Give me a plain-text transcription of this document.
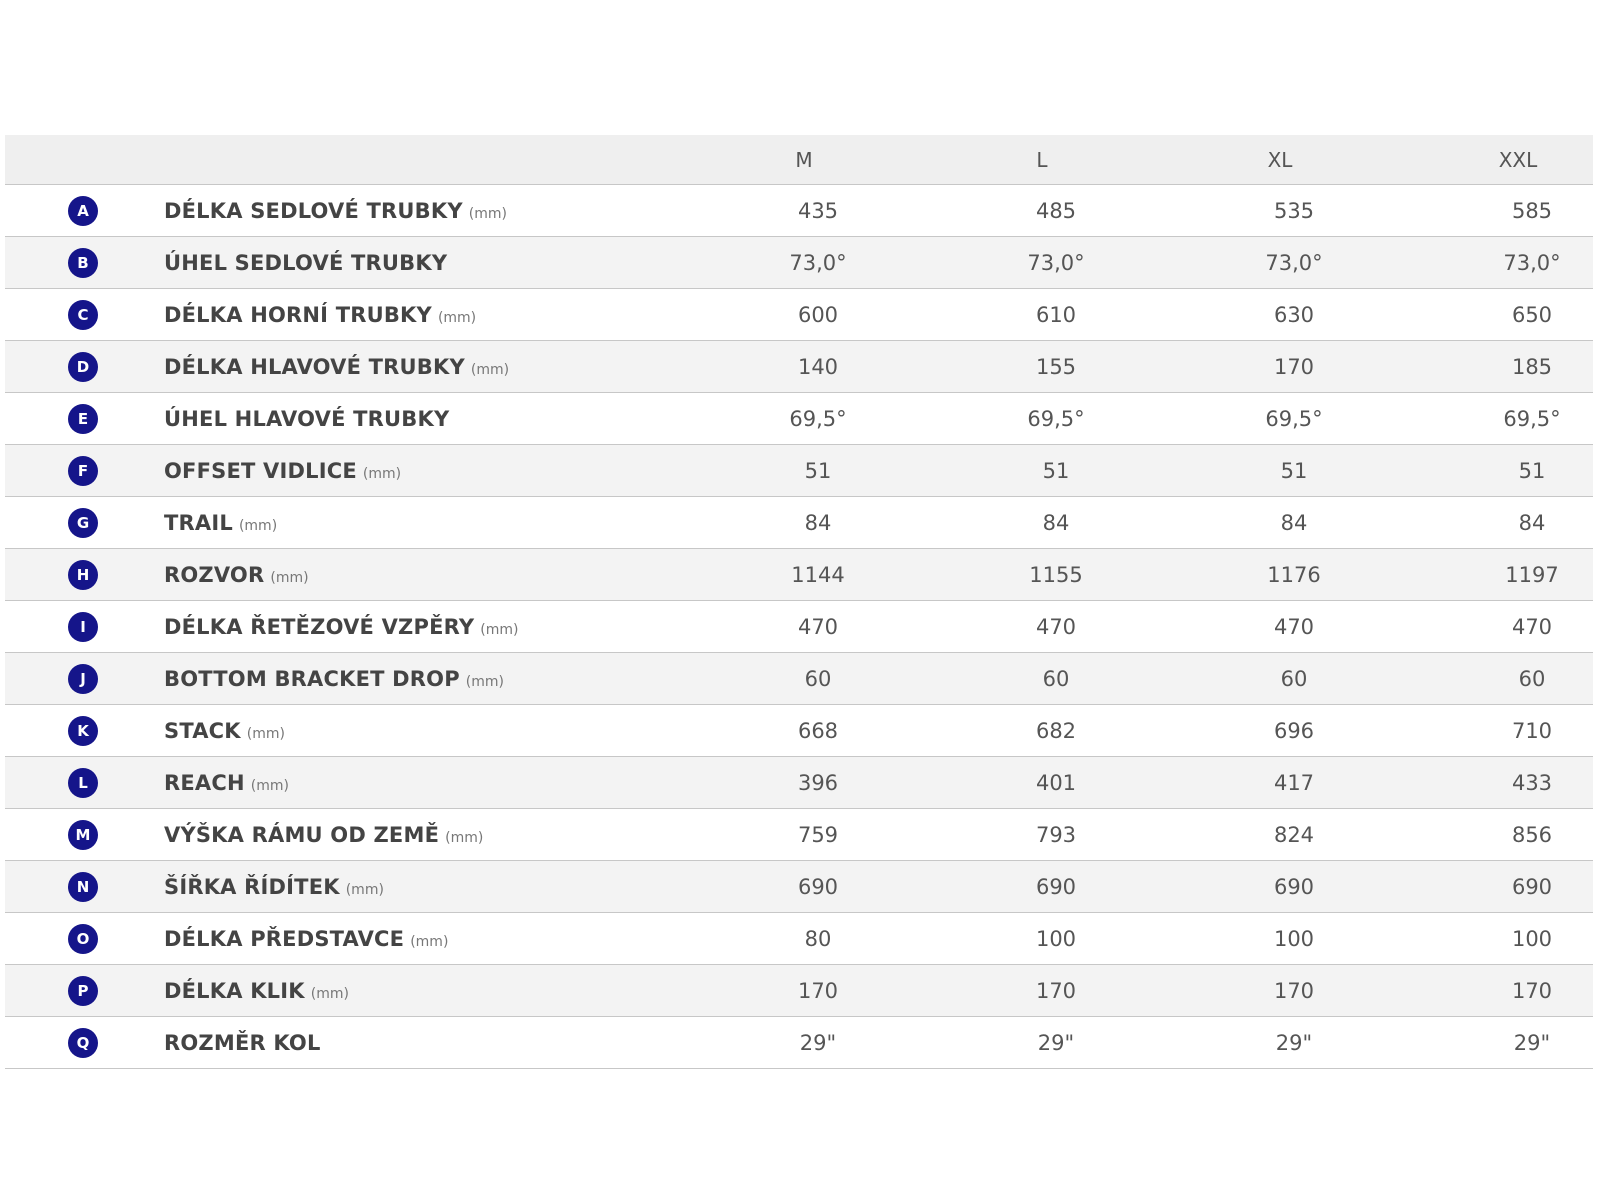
M	L	XL	XXL
A	DÉLKA SEDLOVÉ TRUBKY (mm)	435	485	535	585
B	ÚHEL SEDLOVÉ TRUBKY	73,0°	73,0°	73,0°	73,0°
C	DÉLKA HORNÍ TRUBKY (mm)	600	610	630	650
D	DÉLKA HLAVOVÉ TRUBKY (mm)	140	155	170	185
E	ÚHEL HLAVOVÉ TRUBKY	69,5°	69,5°	69,5°	69,5°
F	OFFSET VIDLICE (mm)	51	51	51	51
G	TRAIL (mm)	84	84	84	84
H	ROZVOR (mm)	1144	1155	1176	1197
I	DÉLKA ŘETĚZOVÉ VZPĚRY (mm)	470	470	470	470
J	BOTTOM BRACKET DROP (mm)	60	60	60	60
K	STACK (mm)	668	682	696	710
L	REACH (mm)	396	401	417	433
M	VÝŠKA RÁMU OD ZEMĚ (mm)	759	793	824	856
N	ŠÍŘKA ŘÍDÍTEK (mm)	690	690	690	690
O	DÉLKA PŘEDSTAVCE (mm)	80	100	100	100
P	DÉLKA KLIK (mm)	170	170	170	170
Q	ROZMĚR KOL	29"	29"	29"	29"
